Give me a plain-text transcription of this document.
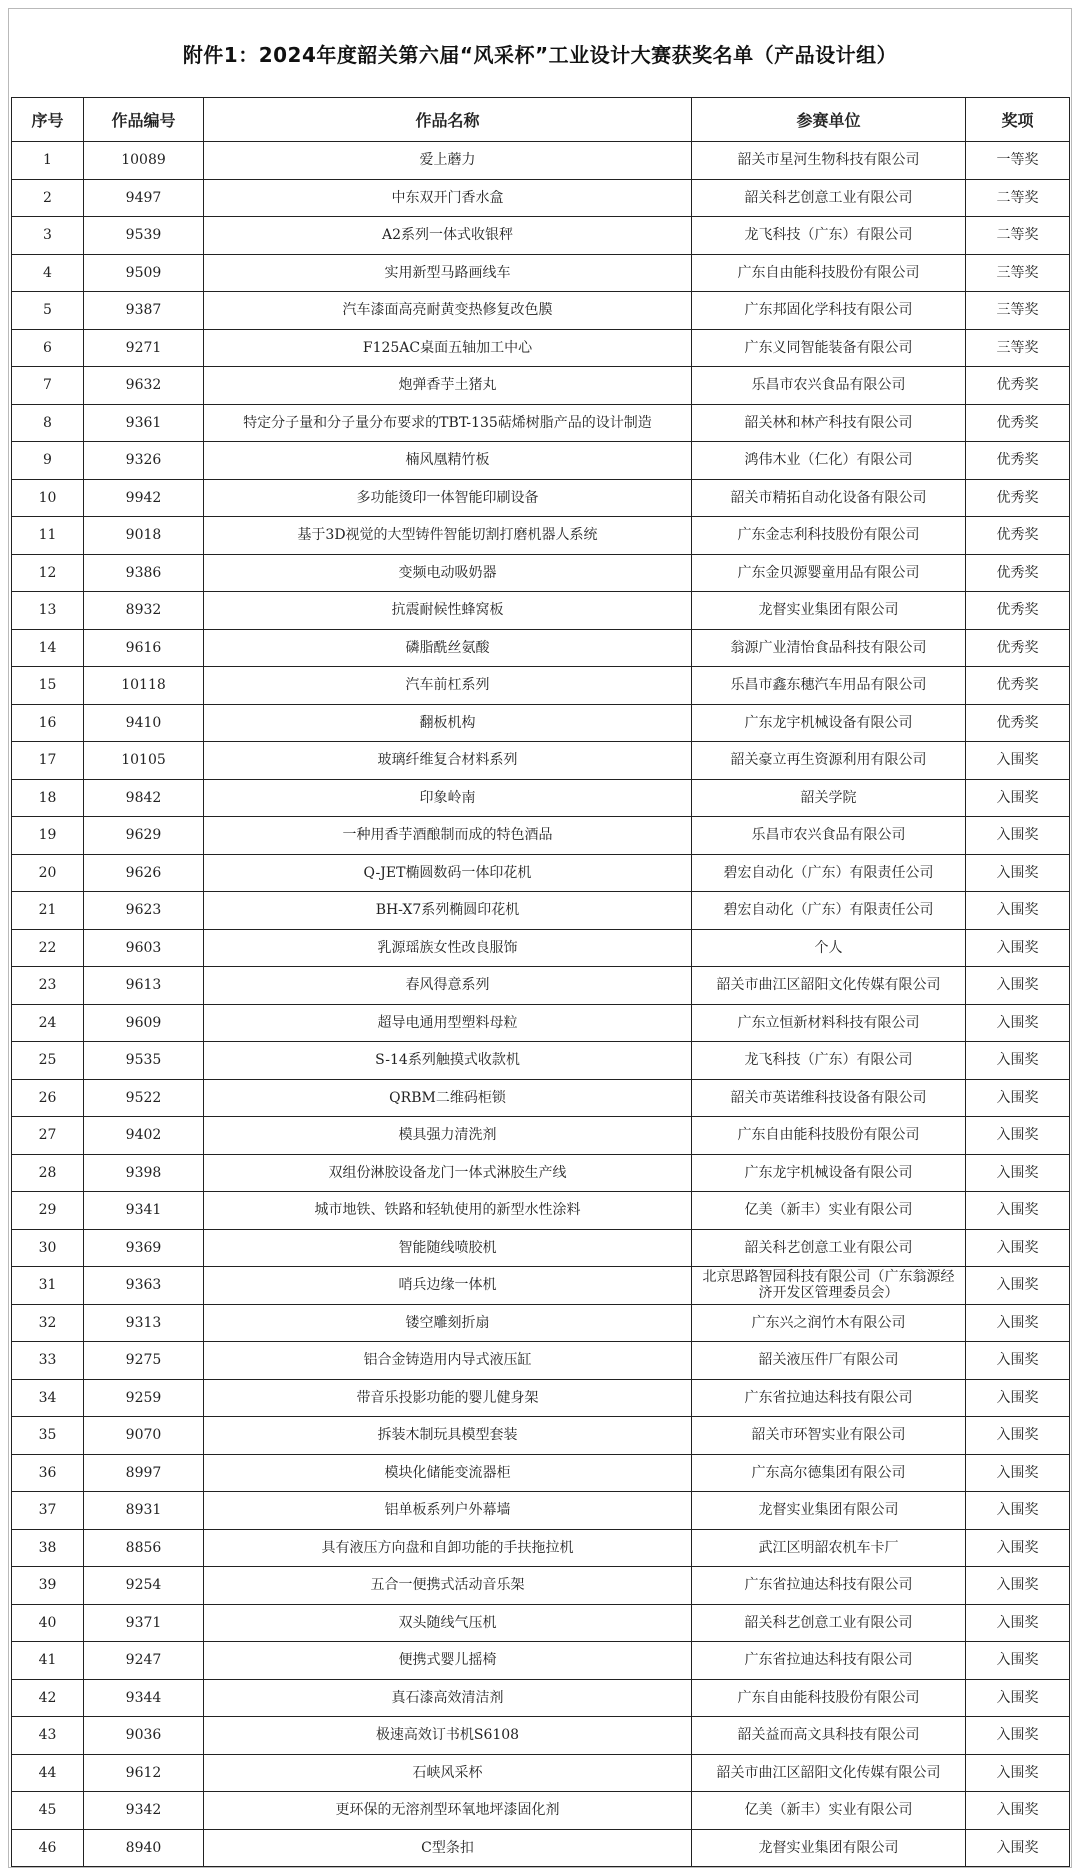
附件1：2024年度韶关第六届“风采杯”工业设计大赛获奖名单（产品设计组）
序号	作品编号	作品名称	参赛单位	奖项
1	10089	爱上蘑力	韶关市星河生物科技有限公司	一等奖
2	9497	中东双开门香水盒	韶关科艺创意工业有限公司	二等奖
3	9539	A2系列一体式收银秤	龙飞科技（广东）有限公司	二等奖
4	9509	实用新型马路画线车	广东自由能科技股份有限公司	三等奖
5	9387	汽车漆面高亮耐黄变热修复改色膜	广东邦固化学科技有限公司	三等奖
6	9271	F125AC桌面五轴加工中心	广东义同智能装备有限公司	三等奖
7	9632	炮弹香芋土猪丸	乐昌市农兴食品有限公司	优秀奖
8	9361	特定分子量和分子量分布要求的TBT-135萜烯树脂产品的设计制造	韶关林和林产科技有限公司	优秀奖
9	9326	楠风凰精竹板	鸿伟木业（仁化）有限公司	优秀奖
10	9942	多功能烫印一体智能印刷设备	韶关市精拓自动化设备有限公司	优秀奖
11	9018	基于3D视觉的大型铸件智能切割打磨机器人系统	广东金志利科技股份有限公司	优秀奖
12	9386	变频电动吸奶器	广东金贝源婴童用品有限公司	优秀奖
13	8932	抗震耐候性蜂窝板	龙督实业集团有限公司	优秀奖
14	9616	磷脂酰丝氨酸	翁源广业清怡食品科技有限公司	优秀奖
15	10118	汽车前杠系列	乐昌市鑫东穗汽车用品有限公司	优秀奖
16	9410	翻板机构	广东龙宇机械设备有限公司	优秀奖
17	10105	玻璃纤维复合材料系列	韶关豪立再生资源利用有限公司	入围奖
18	9842	印象岭南	韶关学院	入围奖
19	9629	一种用香芋酒酿制而成的特色酒品	乐昌市农兴食品有限公司	入围奖
20	9626	Q-JET椭圆数码一体印花机	碧宏自动化（广东）有限责任公司	入围奖
21	9623	BH-X7系列椭圆印花机	碧宏自动化（广东）有限责任公司	入围奖
22	9603	乳源瑶族女性改良服饰	个人	入围奖
23	9613	春风得意系列	韶关市曲江区韶阳文化传媒有限公司	入围奖
24	9609	超导电通用型塑料母粒	广东立恒新材料科技有限公司	入围奖
25	9535	S-14系列触摸式收款机	龙飞科技（广东）有限公司	入围奖
26	9522	QRBM二维码柜锁	韶关市英诺维科技设备有限公司	入围奖
27	9402	模具强力清洗剂	广东自由能科技股份有限公司	入围奖
28	9398	双组份淋胶设备龙门一体式淋胶生产线	广东龙宇机械设备有限公司	入围奖
29	9341	城市地铁、铁路和轻轨使用的新型水性涂料	亿美（新丰）实业有限公司	入围奖
30	9369	智能随线喷胶机	韶关科艺创意工业有限公司	入围奖
31	9363	哨兵边缘一体机	北京思路智园科技有限公司（广东翁源经济开发区管理委员会）	入围奖
32	9313	镂空雕刻折扇	广东兴之润竹木有限公司	入围奖
33	9275	铝合金铸造用内导式液压缸	韶关液压件厂有限公司	入围奖
34	9259	带音乐投影功能的婴儿健身架	广东省拉迪达科技有限公司	入围奖
35	9070	拆装木制玩具模型套装	韶关市环智实业有限公司	入围奖
36	8997	模块化储能变流器柜	广东高尔德集团有限公司	入围奖
37	8931	铝单板系列户外幕墙	龙督实业集团有限公司	入围奖
38	8856	具有液压方向盘和自卸功能的手扶拖拉机	武江区明韶农机车卡厂	入围奖
39	9254	五合一便携式活动音乐架	广东省拉迪达科技有限公司	入围奖
40	9371	双头随线气压机	韶关科艺创意工业有限公司	入围奖
41	9247	便携式婴儿摇椅	广东省拉迪达科技有限公司	入围奖
42	9344	真石漆高效清洁剂	广东自由能科技股份有限公司	入围奖
43	9036	极速高效订书机S6108	韶关益而高文具科技有限公司	入围奖
44	9612	石峡风采杯	韶关市曲江区韶阳文化传媒有限公司	入围奖
45	9342	更环保的无溶剂型环氧地坪漆固化剂	亿美（新丰）实业有限公司	入围奖
46	8940	C型条扣	龙督实业集团有限公司	入围奖
